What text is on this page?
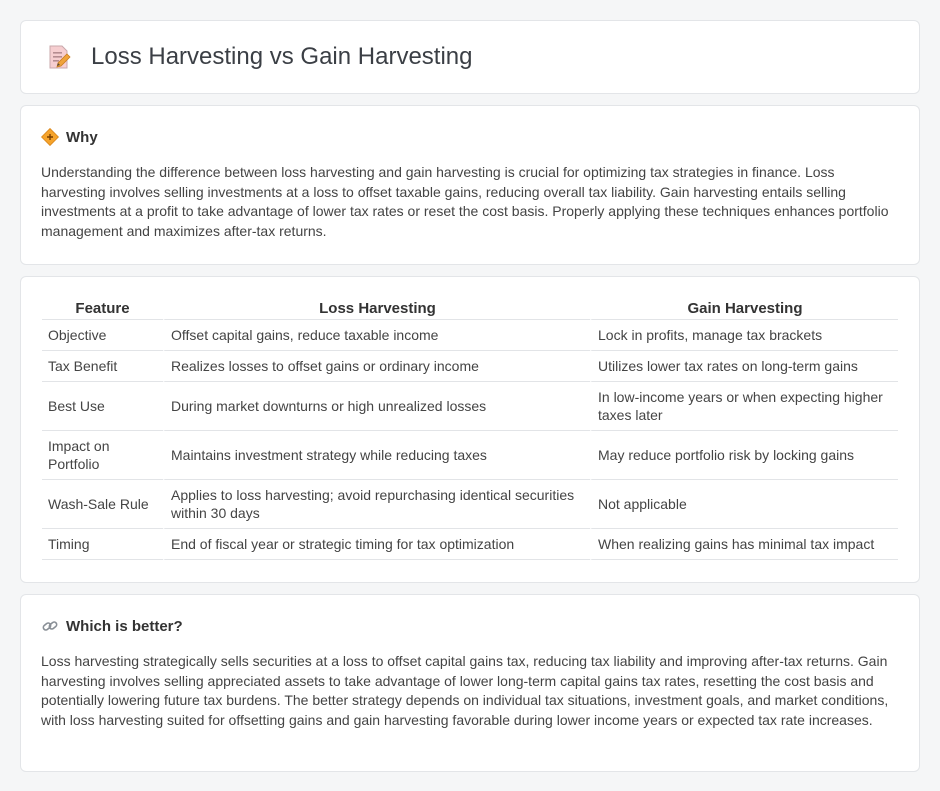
Loss Harvesting vs Gain Harvesting
Why

Understanding the difference between loss harvesting and gain harvesting is crucial for optimizing tax strategies in finance. Loss harvesting involves selling investments at a loss to offset taxable gains, reducing overall tax liability. Gain harvesting entails selling investments at a profit to take advantage of lower tax rates or reset the cost basis. Properly applying these techniques enhances portfolio management and maximizes after-tax returns.

Feature	Loss Harvesting	Gain Harvesting
Objective	Offset capital gains, reduce taxable income	Lock in profits, manage tax brackets
Tax Benefit	Realizes losses to offset gains or ordinary income	Utilizes lower tax rates on long-term gains
Best Use	During market downturns or high unrealized losses	In low-income years or when expecting higher taxes later
Impact on Portfolio	Maintains investment strategy while reducing taxes	May reduce portfolio risk by locking gains
Wash-Sale Rule	Applies to loss harvesting; avoid repurchasing identical securities within 30 days	Not applicable
Timing	End of fiscal year or strategic timing for tax optimization	When realizing gains has minimal tax impact
Which is better?

Loss harvesting strategically sells securities at a loss to offset capital gains tax, reducing tax liability and improving after-tax returns. Gain harvesting involves selling appreciated assets to take advantage of lower long-term capital gains tax rates, resetting the cost basis and potentially lowering future tax burdens. The better strategy depends on individual tax situations, investment goals, and market conditions, with loss harvesting suited for offsetting gains and gain harvesting favorable during lower income years or expected tax rate increases.
